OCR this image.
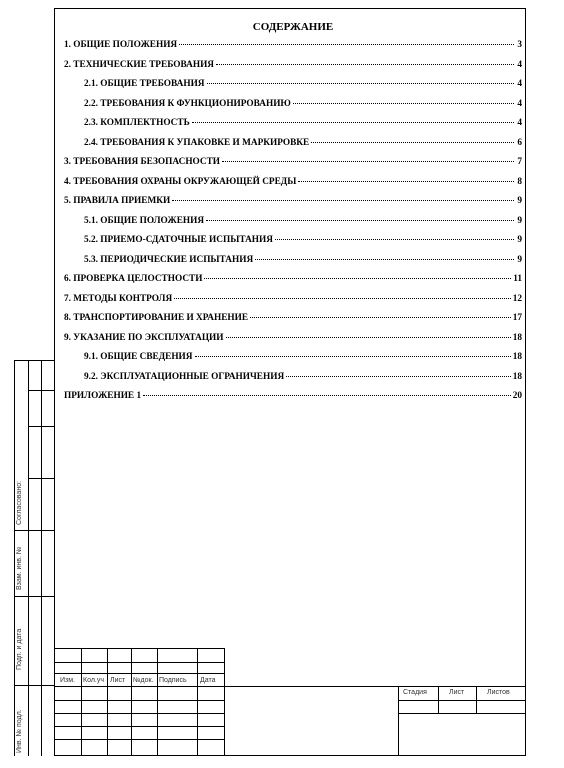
СОДЕРЖАНИЕ
1. ОБЩИЕ ПОЛОЖЕНИЯ	3
2. ТЕХНИЧЕСКИЕ ТРЕБОВАНИЯ	4
2.1. ОБЩИЕ ТРЕБОВАНИЯ	4
2.2. ТРЕБОВАНИЯ К ФУНКЦИОНИРОВАНИЮ	4
2.3. КОМПЛЕКТНОСТЬ	4
2.4. ТРЕБОВАНИЯ К УПАКОВКЕ И МАРКИРОВКЕ	6
3. ТРЕБОВАНИЯ БЕЗОПАСНОСТИ	7
4. ТРЕБОВАНИЯ ОХРАНЫ ОКРУЖАЮЩЕЙ СРЕДЫ	8
5. ПРАВИЛА ПРИЕМКИ	9
5.1. ОБЩИЕ ПОЛОЖЕНИЯ	9
5.2. ПРИЕМО-СДАТОЧНЫЕ ИСПЫТАНИЯ	9
5.3. ПЕРИОДИЧЕСКИЕ ИСПЫТАНИЯ	9
6. ПРОВЕРКА ЦЕЛОСТНОСТИ	11
7. МЕТОДЫ КОНТРОЛЯ	12
8. ТРАНСПОРТИРОВАНИЕ И ХРАНЕНИЕ	17
9. УКАЗАНИЕ ПО ЭКСПЛУАТАЦИИ	18
9.1. ОБЩИЕ СВЕДЕНИЯ	18
9.2. ЭКСПЛУАТАЦИОННЫЕ ОГРАНИЧЕНИЯ	18
ПРИЛОЖЕНИЕ 1	20
Согласовано:
Взам. инв. №
Подп. и дата
Инв. № подл.
Изм. Кол.уч Лист №док. Подпись Дата
Стадия	Лист	Листов
